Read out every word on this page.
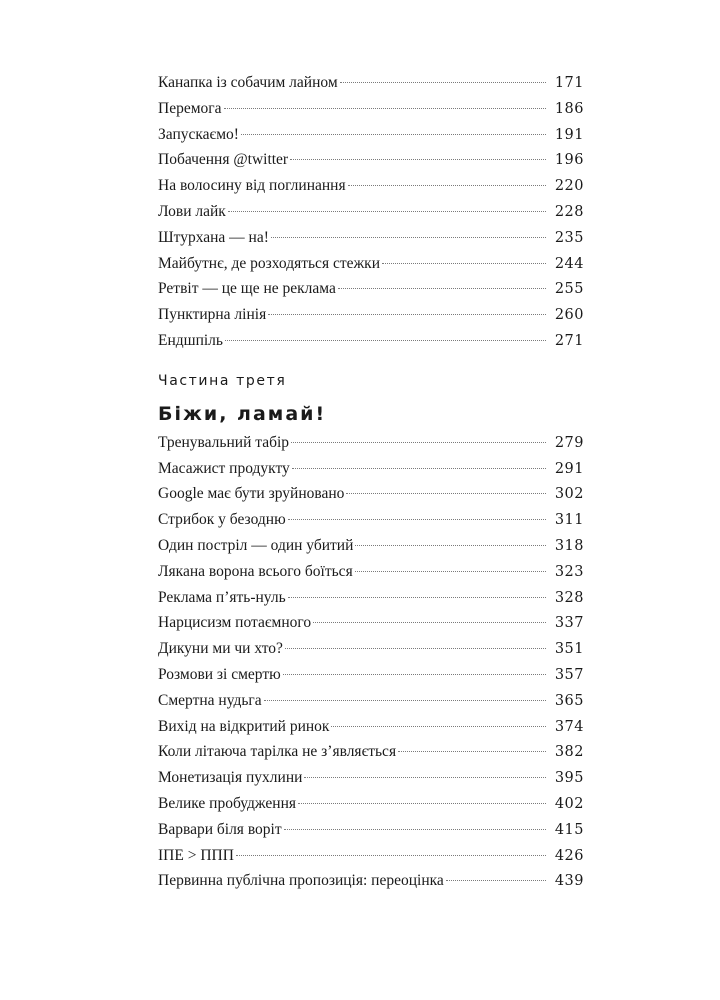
Канапка із собачим лайном	171
Перемога	186
Запускаємо!	191
Побачення @twitter	196
На волосину від поглинання	220
Лови лайк	228
Штурхана — на!	235
Майбутнє, де розходяться стежки	244
Ретвіт — це ще не реклама	255
Пунктирна лінія	260
Ендшпіль	271
Частина третя
Біжи, ламай!
Тренувальний табір	279
Масажист продукту	291
Google має бути зруйновано	302
Стрибок у безодню	311
Один постріл — один убитий	318
Лякана ворона всього боїться	323
Реклама п’ять-нуль	328
Нарцисизм потаємного	337
Дикуни ми чи хто?	351
Розмови зі смертю	357
Смертна нудьга	365
Вихід на відкритий ринок	374
Коли літаюча тарілка не з’являється	382
Монетизація пухлини	395
Велике пробудження	402
Варвари біля воріт	415
ІПЕ > ППП	426
Первинна публічна пропозиція: переоцінка	439
